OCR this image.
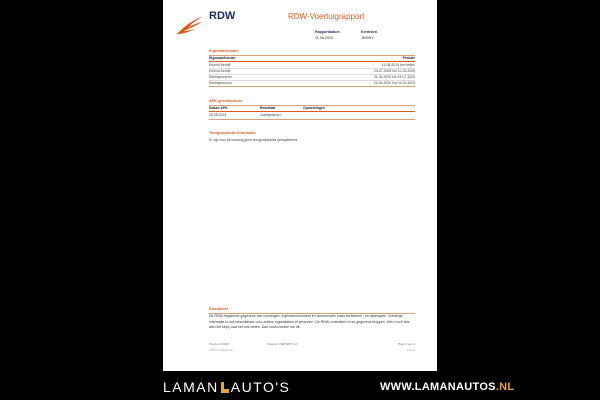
RDW	RDW-Voertuigrapport
Rapportdatum	Kenteken
11-08-2025	J849NV
Eigenaar/houder
Eigenaar/houder	Periode
Erkend Bedrijf	11-08-2025 t/m heden
Erkend Bedrijf	24-07-2025 t/m 11-08-2025
Rechtspersoon	01-06-2024 t/m 24-07-2025
Rechtspersoon	24-09-2020 t/m 01-06-2024
APK geschiedenis
Datum APK	Resultaat	Opmerkingen
26-08-2024	Goedgekeurd
Terugroepactie informatie
Er zijn voor dit voertuig geen terugroepacties geregistreerd
Disclaimer
De RDW registreert gegevens van voertuigen, eigenaren/houders en documenten zoals kentekens - en rijbewijzen. Sommige informatie is ook beschikbaar voor andere organisaties of personen. De RDW controleert of de gegevens kloppen. Ziet u toch iets wat niet klopt, laat het ons weten. Dan onderzoeken we dit.
Postbus 30000	Telefoon 088 00870 47	Blad 1 van 1
2700 KS Zoetermeer	1.0.0.0
LAMAN AUTO'S	WWW.LAMANAUTOS.NL
